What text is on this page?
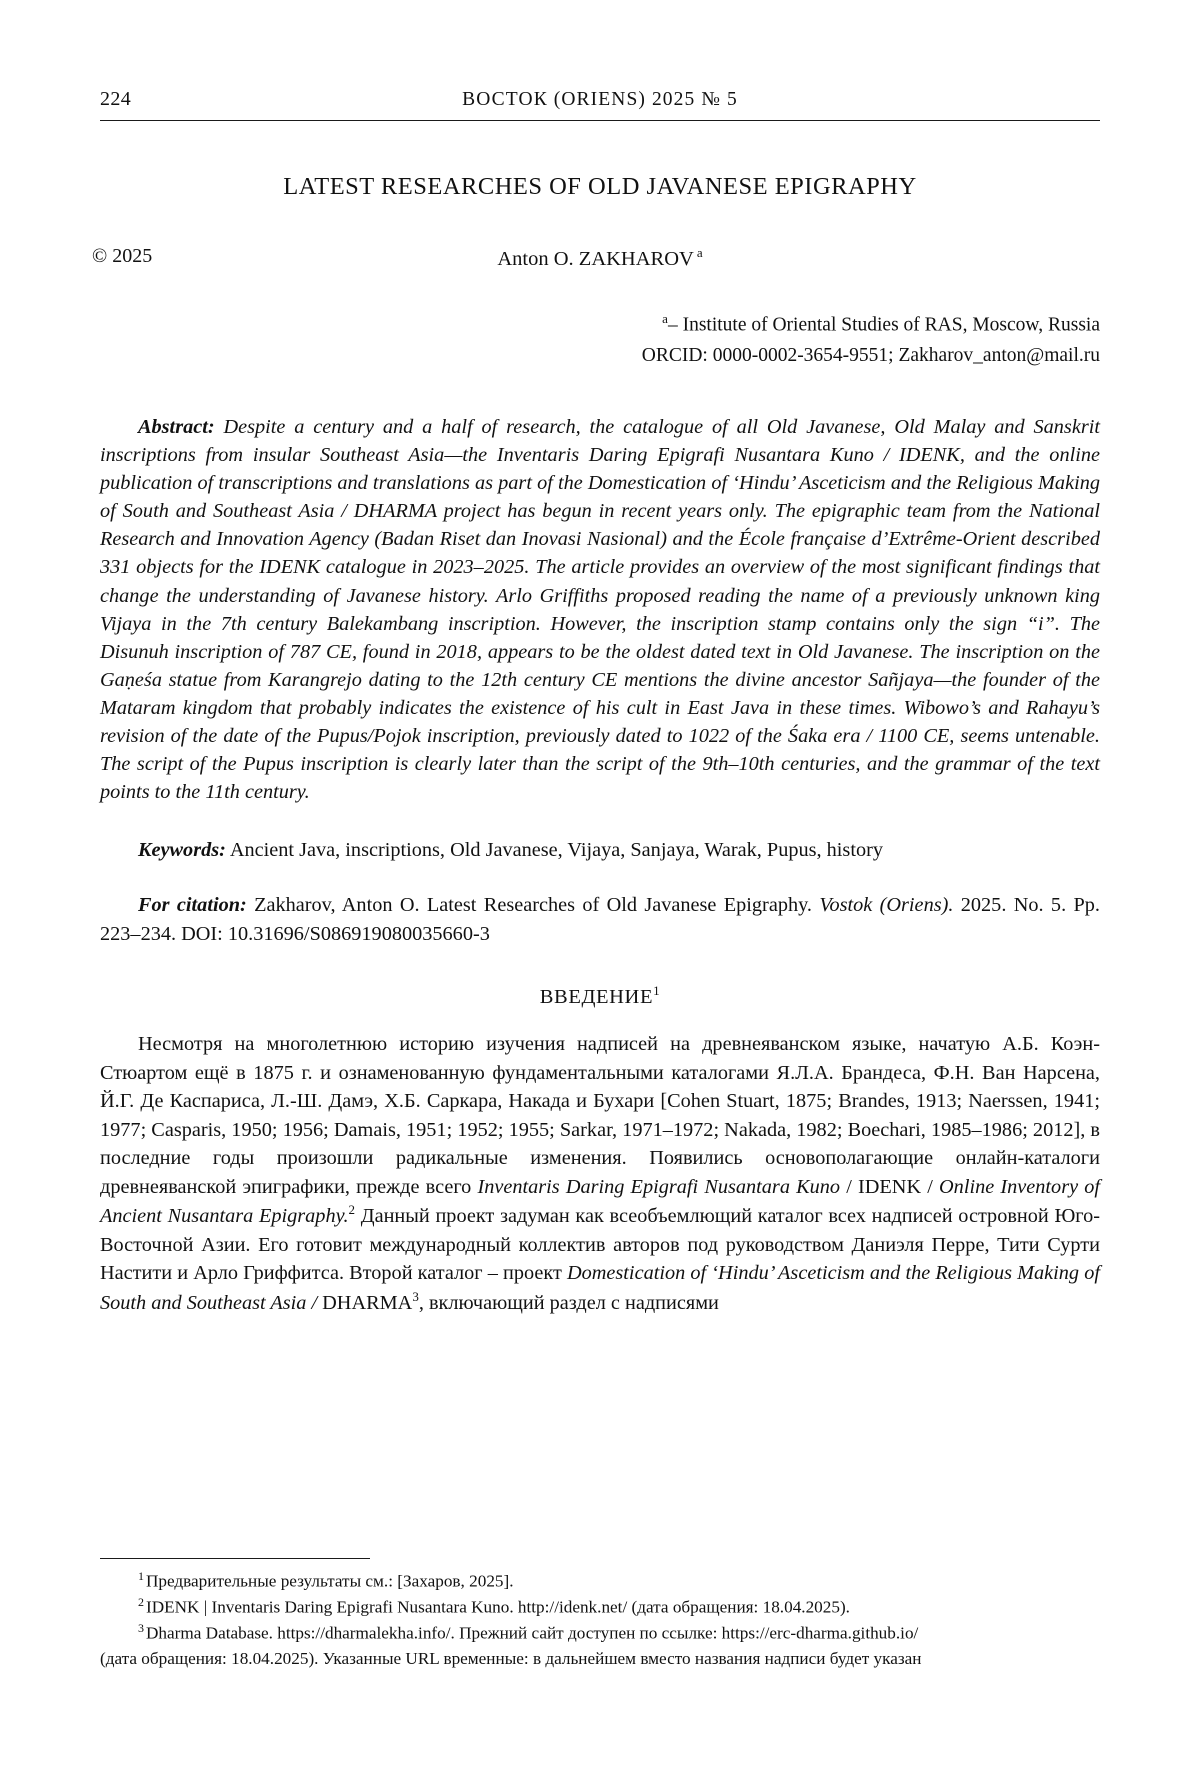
224	ВОСТОК (ORIENS) 2025 № 5
LATEST RESEARCHES OF OLD JAVANESE EPIGRAPHY
© 2025	Anton O. ZAKHAROV $^a$
$^a$– Institute of Oriental Studies of RAS, Moscow, Russia
ORCID: 0000-0002-3654-9551; Zakharov_anton@mail.ru

Abstract: Despite a century and a half of research, the catalogue of all Old Javanese, Old Malay and Sanskrit inscriptions from insular Southeast Asia—the Inventaris Daring Epigrafi Nusantara Kuno / IDENK, and the online publication of transcriptions and translations as part of the Domestication of ‘Hindu’ Asceticism and the Religious Making of South and Southeast Asia / DHARMA project has begun in recent years only. The epigraphic team from the National Research and Innovation Agency (Badan Riset dan Inovasi Nasional) and the École française d’Extrême-Orient described 331 objects for the IDENK catalogue in 2023–2025. The article provides an overview of the most significant findings that change the understanding of Javanese history. Arlo Griffiths proposed reading the name of a previously unknown king Vijaya in the 7th century Balekambang inscription. However, the inscription stamp contains only the sign “i”. The Disunuh inscription of 787 CE, found in 2018, appears to be the oldest dated text in Old Javanese. The inscription on the Gaṇeśa statue from Karangrejo dating to the 12th century CE mentions the divine ancestor Sañjaya—the founder of the Mataram kingdom that probably indicates the existence of his cult in East Java in these times. Wibowo’s and Rahayu’s revision of the date of the Pupus/Pojok inscription, previously dated to 1022 of the Śaka era / 1100 CE, seems untenable. The script of the Pupus inscription is clearly later than the script of the 9th–10th centuries, and the grammar of the text points to the 11th century.

Keywords: Ancient Java, inscriptions, Old Javanese, Vijaya, Sanjaya, Warak, Pupus, history

For citation: Zakharov, Anton O. Latest Researches of Old Javanese Epigraphy. Vostok (Oriens). 2025. No. 5. Pp. 223–234. DOI: 10.31696/S086919080035660-3

ВВЕДЕНИЕ$^1$

Несмотря на многолетнюю историю изучения надписей на древнеяванском языке, начатую А.Б. Коэн-Стюартом ещё в 1875 г. и ознаменованную фундаментальными каталогами Я.Л.А. Брандеса, Ф.Н. Ван Нарсена, Й.Г. Де Каспариса, Л.-Ш. Дамэ, Х.Б. Саркара, Накада и Бухари [Cohen Stuart, 1875; Brandes, 1913; Naerssen, 1941; 1977; Casparis, 1950; 1956; Damais, 1951; 1952; 1955; Sarkar, 1971–1972; Nakada, 1982; Boechari, 1985–1986; 2012], в последние годы произошли радикальные изменения. Появились основополагающие онлайн-каталоги древнеяванской эпиграфики, прежде всего Inventaris Daring Epigrafi Nusantara Kuno / IDENK / Online Inventory of Ancient Nusantara Epigraphy.$^2$ Данный проект задуман как всеобъемлющий каталог всех надписей островной Юго-Восточной Азии. Его готовит международный коллектив авторов под руководством Даниэля Перре, Тити Сурти Настити и Арло Гриффитса. Второй каталог – проект Domestication of ‘Hindu’ Asceticism and the Religious Making of South and Southeast Asia / DHARMA$^3$, включающий раздел с надписями

$^1$ Предварительные результаты см.: [Захаров, 2025].
$^2$ IDENK | Inventaris Daring Epigrafi Nusantara Kuno. http://idenk.net/ (дата обращения: 18.04.2025).
$^3$ Dharma Database. https://dharmalekha.info/. Прежний сайт доступен по ссылке: https://erc-dharma.github.io/
(дата обращения: 18.04.2025). Указанные URL временные: в дальнейшем вместо названия надписи будет указан
